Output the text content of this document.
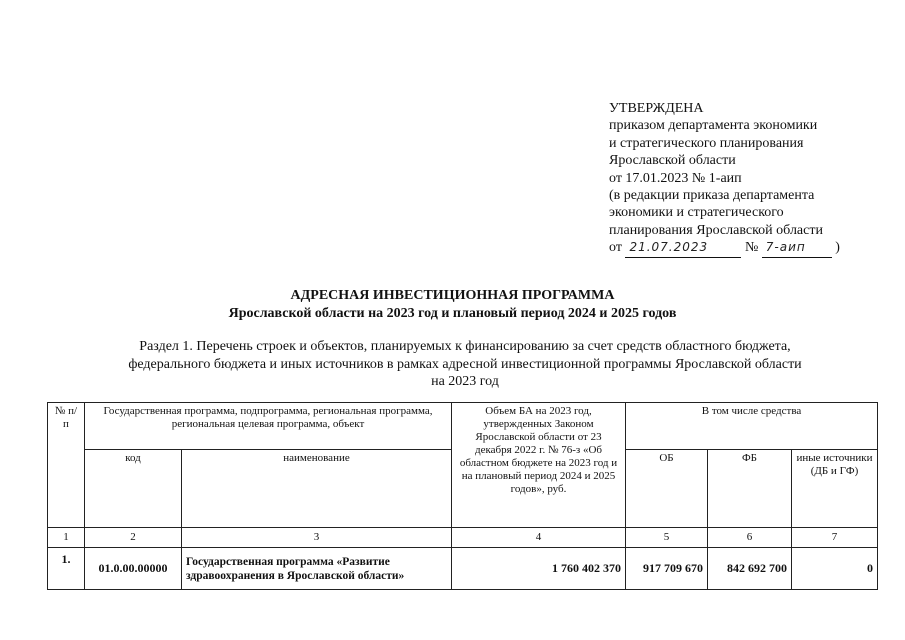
УТВЕРЖДЕНА
приказом департамента экономики
и стратегического планирования
Ярославской области
от 17.01.2023 № 1-аип
(в редакции приказа департамента
экономики и стратегического
планирования Ярославской области
от 21.07.2023	№ 7-аип )
АДРЕСНАЯ ИНВЕСТИЦИОННАЯ ПРОГРАММА
Ярославской области на 2023 год и плановый период 2024 и 2025 годов
Раздел 1. Перечень строек и объектов, планируемых к финансированию за счет средств областного бюджета,
федерального бюджета и иных источников в рамках адресной инвестиционной программы Ярославской области
на 2023 год
№ п/п	Государственная программа, подпрограмма, региональная программа, региональная целевая программа, объект		Объем БА на 2023 год, утвержденных Законом Ярославской области от 23 декабря 2022 г. № 76-з «Об областном бюджете на 2023 год и на плановый период 2024 и 2025 годов», руб.	В том числе средства		
	код	наименование		ОБ	ФБ	иные источники (ДБ и ГФ)
1	2	3	4	5	6	7
1.	01.0.00.00000	Государственная программа «Развитие здравоохранения в Ярославской области»	1 760 402 370	917 709 670	842 692 700	0
